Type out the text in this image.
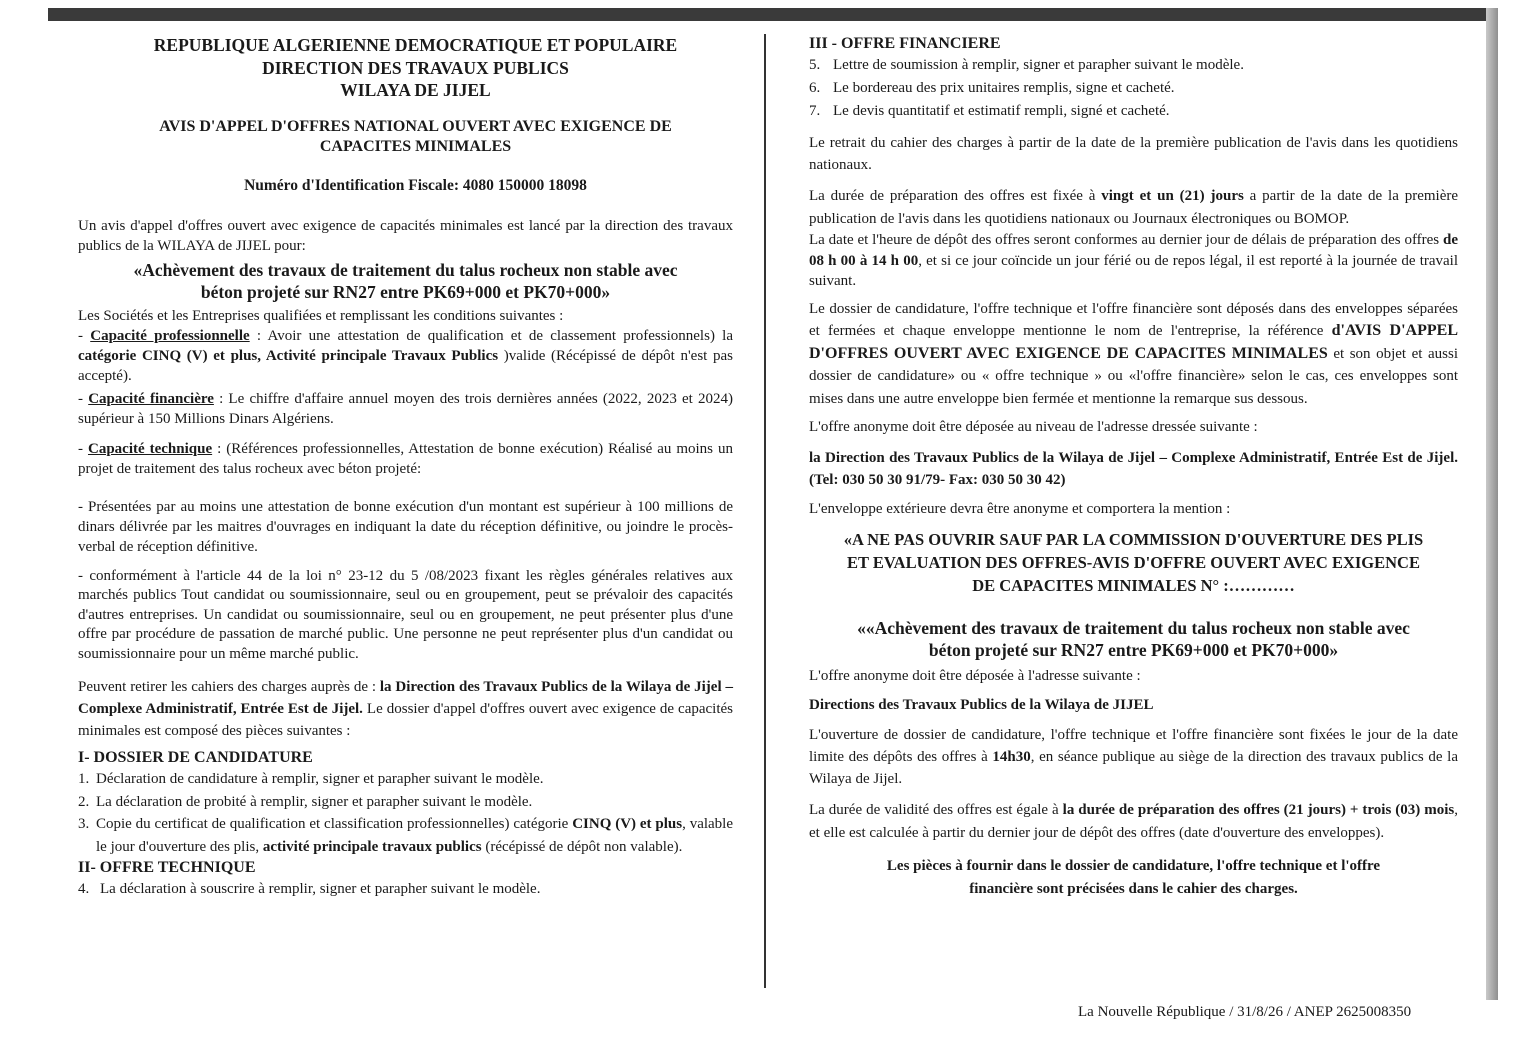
REPUBLIQUE ALGERIENNE DEMOCRATIQUE ET POPULAIRE

DIRECTION DES TRAVAUX PUBLICS

WILAYA DE JIJEL

AVIS D'APPEL D'OFFRES NATIONAL OUVERT AVEC EXIGENCE DE

CAPACITES MINIMALES

Numéro d'Identification Fiscale: 4080 150000 18098

Un avis d'appel d'offres ouvert avec exigence de capacités minimales est lancé par la direction des travaux publics de la WILAYA de JIJEL pour:

«Achèvement des travaux de traitement du talus rocheux non stable avec

béton projeté sur RN27 entre PK69+000 et PK70+000»

Les Sociétés et les Entreprises qualifiées et remplissant les conditions suivantes :

- Capacité professionnelle : Avoir une attestation de qualification et de classement professionnels) la catégorie CINQ (V) et plus, Activité principale Travaux Publics )valide (Récépissé de dépôt n'est pas accepté).

- Capacité financière : Le chiffre d'affaire annuel moyen des trois dernières années (2022, 2023 et 2024) supérieur à 150 Millions Dinars Algériens.

- Capacité technique : (Références professionnelles, Attestation de bonne exécution) Réalisé au moins un projet de traitement des talus rocheux avec béton projeté:

- Présentées par au moins une attestation de bonne exécution d'un montant est supérieur à 100 millions de dinars délivrée par les maitres d'ouvrages en indiquant la date du réception définitive, ou joindre le procès-verbal de réception définitive.

- conformément à l'article 44 de la loi n° 23-12 du 5 /08/2023 fixant les règles générales relatives aux marchés publics Tout candidat ou soumissionnaire, seul ou en groupement, peut se prévaloir des capacités d'autres entreprises. Un candidat ou soumissionnaire, seul ou en groupement, ne peut présenter plus d'une offre par procédure de passation de marché public. Une personne ne peut représenter plus d'un candidat ou soumissionnaire pour un même marché public.

Peuvent retirer les cahiers des charges auprès de : la Direction des Travaux Publics de la Wilaya de Jijel – Complexe Administratif, Entrée Est de Jijel. Le dossier d'appel d'offres ouvert avec exigence de capacités minimales est composé des pièces suivantes :

I- DOSSIER DE CANDIDATURE

1. Déclaration de candidature à remplir, signer et parapher suivant le modèle.
2. La déclaration de probité à remplir, signer et parapher suivant le modèle.
3. Copie du certificat de qualification et classification professionnelles) catégorie CINQ (V) et plus, valable le jour d'ouverture des plis, activité principale travaux publics (récépissé de dépôt non valable).

II- OFFRE TECHNIQUE

4. La déclaration à souscrire à remplir, signer et parapher suivant le modèle.

III - OFFRE FINANCIERE

5. Lettre de soumission à remplir, signer et parapher suivant le modèle.
6. Le bordereau des prix unitaires remplis, signe et cacheté.
7. Le devis quantitatif et estimatif rempli, signé et cacheté.

Le retrait du cahier des charges à partir de la date de la première publication de l'avis dans les quotidiens nationaux.

La durée de préparation des offres est fixée à vingt et un (21) jours a partir de la date de la première publication de l'avis dans les quotidiens nationaux ou Journaux électroniques ou BOMOP.

La date et l'heure de dépôt des offres seront conformes au dernier jour de délais de préparation des offres de 08 h 00 à 14 h 00, et si ce jour coïncide un jour férié ou de repos légal, il est reporté à la journée de travail suivant.

Le dossier de candidature, l'offre technique et l'offre financière sont déposés dans des enveloppes séparées et fermées et chaque enveloppe mentionne le nom de l'entreprise, la référence d'AVIS D'APPEL D'OFFRES OUVERT AVEC EXIGENCE DE CAPACITES MINIMALES et son objet et aussi dossier de candidature» ou « offre technique » ou «l'offre financière» selon le cas, ces enveloppes sont mises dans une autre enveloppe bien fermée et mentionne la remarque sus dessous.

L'offre anonyme doit être déposée au niveau de l'adresse dressée suivante :

la Direction des Travaux Publics de la Wilaya de Jijel – Complexe Administratif, Entrée Est de Jijel. (Tel: 030 50 30 91/79- Fax: 030 50 30 42)

L'enveloppe extérieure devra être anonyme et comportera la mention :

«A NE PAS OUVRIR SAUF PAR LA COMMISSION D'OUVERTURE DES PLIS

ET EVALUATION DES OFFRES-AVIS D'OFFRE OUVERT AVEC EXIGENCE

DE CAPACITES MINIMALES N° :…………

««Achèvement des travaux de traitement du talus rocheux non stable avec

béton projeté sur RN27 entre PK69+000 et PK70+000»

L'offre anonyme doit être déposée à l'adresse suivante :

Directions des Travaux Publics de la Wilaya de JIJEL

L'ouverture de dossier de candidature, l'offre technique et l'offre financière sont fixées le jour de la date limite des dépôts des offres à 14h30, en séance publique au siège de la direction des travaux publics de la Wilaya de Jijel.

La durée de validité des offres est égale à la durée de préparation des offres (21 jours) + trois (03) mois, et elle est calculée à partir du dernier jour de dépôt des offres (date d'ouverture des enveloppes).

Les pièces à fournir dans le dossier de candidature, l'offre technique et l'offre

financière sont précisées dans le cahier des charges.

La Nouvelle République / 31/8/26 / ANEP 2625008350
